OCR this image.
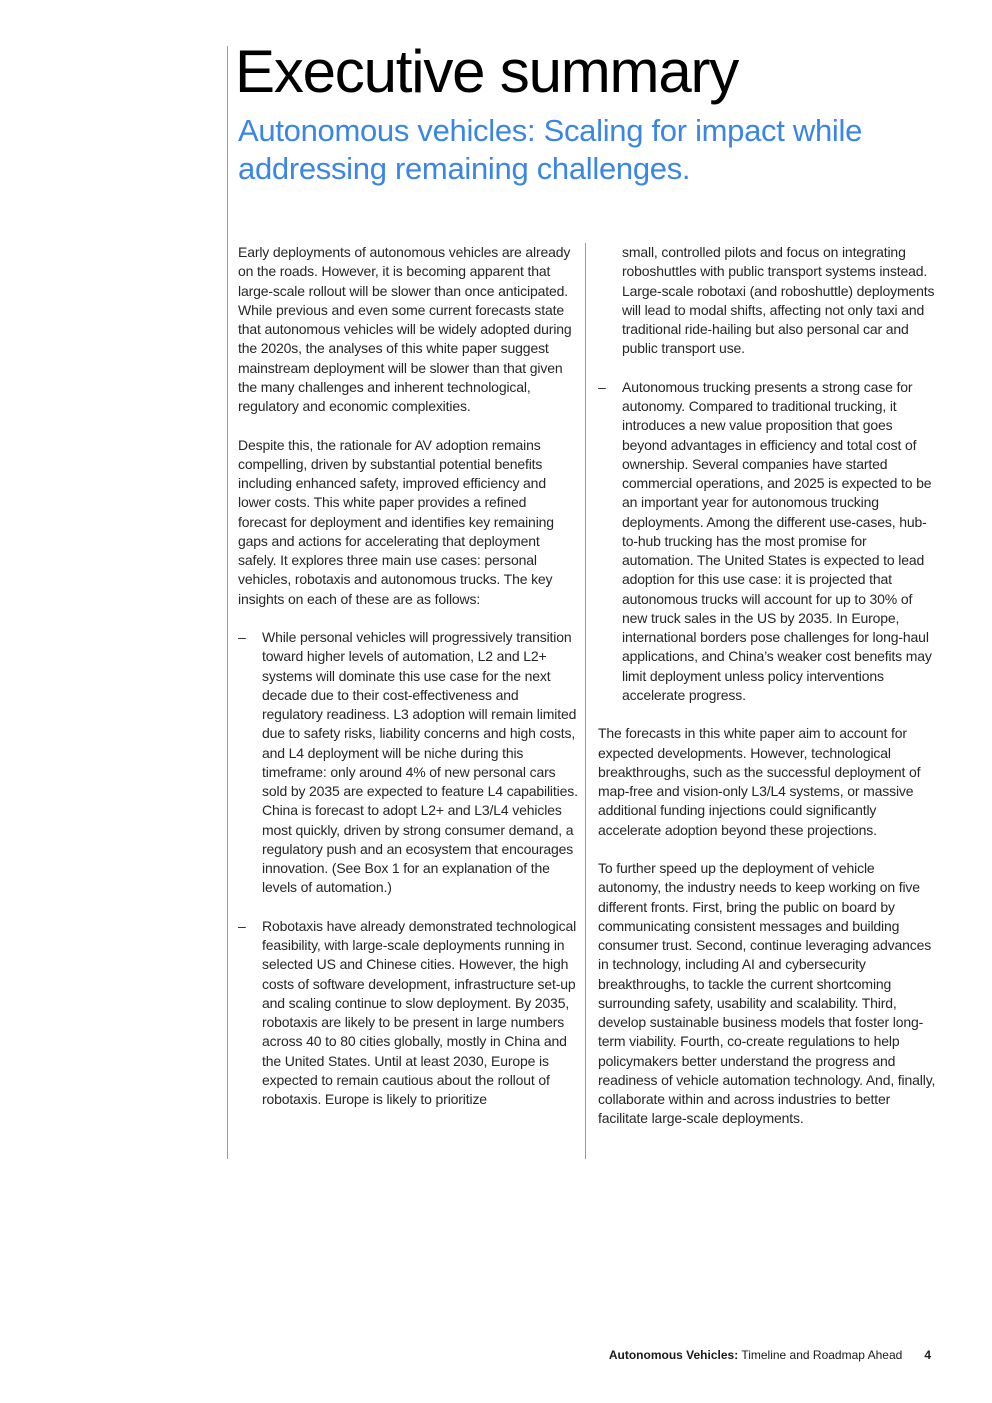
Executive summary
Autonomous vehicles: Scaling for impact while addressing remaining challenges.

Early deployments of autonomous vehicles are already on the roads. However, it is becoming apparent that large-scale rollout will be slower than once anticipated. While previous and even some current forecasts state that autonomous vehicles will be widely adopted during the 2020s, the analyses of this white paper suggest mainstream deployment will be slower than that given the many challenges and inherent technological, regulatory and economic complexities.

Despite this, the rationale for AV adoption remains compelling, driven by substantial potential benefits including enhanced safety, improved efficiency and lower costs. This white paper provides a refined forecast for deployment and identifies key remaining gaps and actions for accelerating that deployment safely. It explores three main use cases: personal vehicles, robotaxis and autonomous trucks. The key insights on each of these are as follows:

– While personal vehicles will progressively transition toward higher levels of automation, L2 and L2+ systems will dominate this use case for the next decade due to their cost-effectiveness and regulatory readiness. L3 adoption will remain limited due to safety risks, liability concerns and high costs, and L4 deployment will be niche during this timeframe: only around 4% of new personal cars sold by 2035 are expected to feature L4 capabilities. China is forecast to adopt L2+ and L3/L4 vehicles most quickly, driven by strong consumer demand, a regulatory push and an ecosystem that encourages innovation. (See Box 1 for an explanation of the levels of automation.)
– Robotaxis have already demonstrated technological feasibility, with large-scale deployments running in selected US and Chinese cities. However, the high costs of software development, infrastructure set-up and scaling continue to slow deployment. By 2035, robotaxis are likely to be present in large numbers across 40 to 80 cities globally, mostly in China and the United States. Until at least 2030, Europe is expected to remain cautious about the rollout of robotaxis. Europe is likely to prioritize
small, controlled pilots and focus on integrating roboshuttles with public transport systems instead. Large-scale robotaxi (and roboshuttle) deployments will lead to modal shifts, affecting not only taxi and traditional ride-hailing but also personal car and public transport use.
– Autonomous trucking presents a strong case for autonomy. Compared to traditional trucking, it introduces a new value proposition that goes beyond advantages in efficiency and total cost of ownership. Several companies have started commercial operations, and 2025 is expected to be an important year for autonomous trucking deployments. Among the different use-cases, hub-to-hub trucking has the most promise for automation. The United States is expected to lead adoption for this use case: it is projected that autonomous trucks will account for up to 30% of new truck sales in the US by 2035. In Europe, international borders pose challenges for long-haul applications, and China’s weaker cost benefits may limit deployment unless policy interventions accelerate progress.

The forecasts in this white paper aim to account for expected developments. However, technological breakthroughs, such as the successful deployment of map-free and vision-only L3/L4 systems, or massive additional funding injections could significantly accelerate adoption beyond these projections.

To further speed up the deployment of vehicle autonomy, the industry needs to keep working on five different fronts. First, bring the public on board by communicating consistent messages and building consumer trust. Second, continue leveraging advances in technology, including AI and cybersecurity breakthroughs, to tackle the current shortcoming surrounding safety, usability and scalability. Third, develop sustainable business models that foster long-term viability. Fourth, co-create regulations to help policymakers better understand the progress and readiness of vehicle automation technology. And, finally, collaborate within and across industries to better facilitate large-scale deployments.

Autonomous Vehicles: Timeline and Roadmap Ahead 4
